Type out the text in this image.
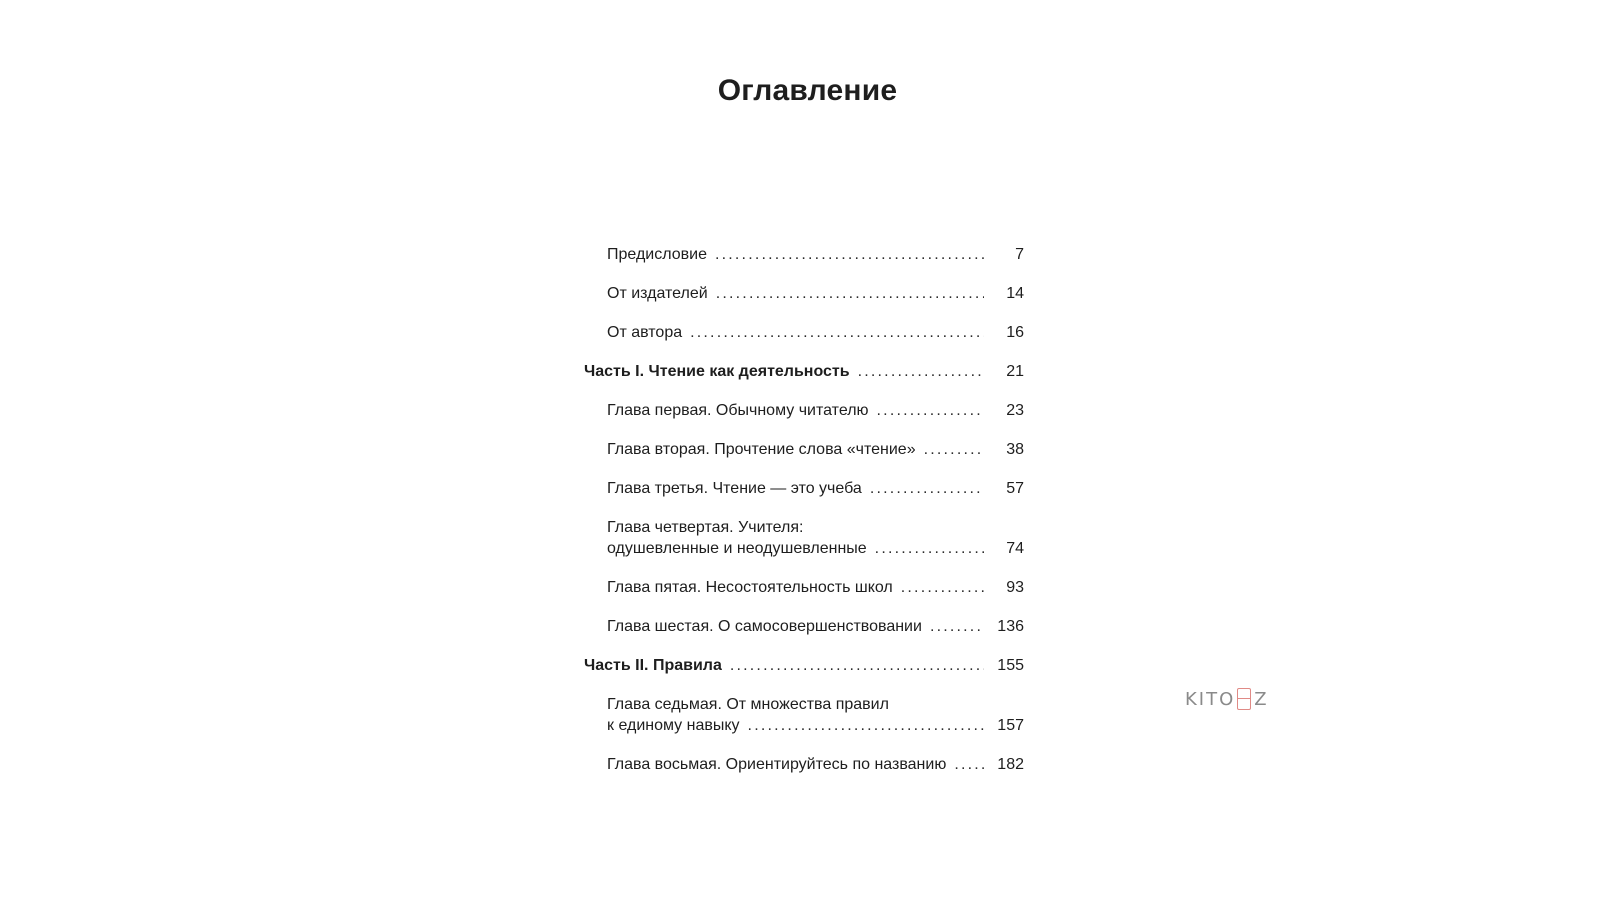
Оглавление
Предисловие .....	7
От издателей .....	14
От автора .....	16
Часть I. Чтение как деятельность .....	21
Глава первая. Обычному читателю .....	23
Глава вторая. Прочтение слова «чтение» .....	38
Глава третья. Чтение — это учеба .....	57
Глава четвертая. Учителя:
одушевленные и неодушевленные .....	74
Глава пятая. Несостоятельность школ .....	93
Глава шестая. О самосовершенствовании .....	136
Часть II. Правила .....	155
Глава седьмая. От множества правил
к единому навыку .....	157
Глава восьмая. Ориентируйтесь по названию .....	182
KITO Z
